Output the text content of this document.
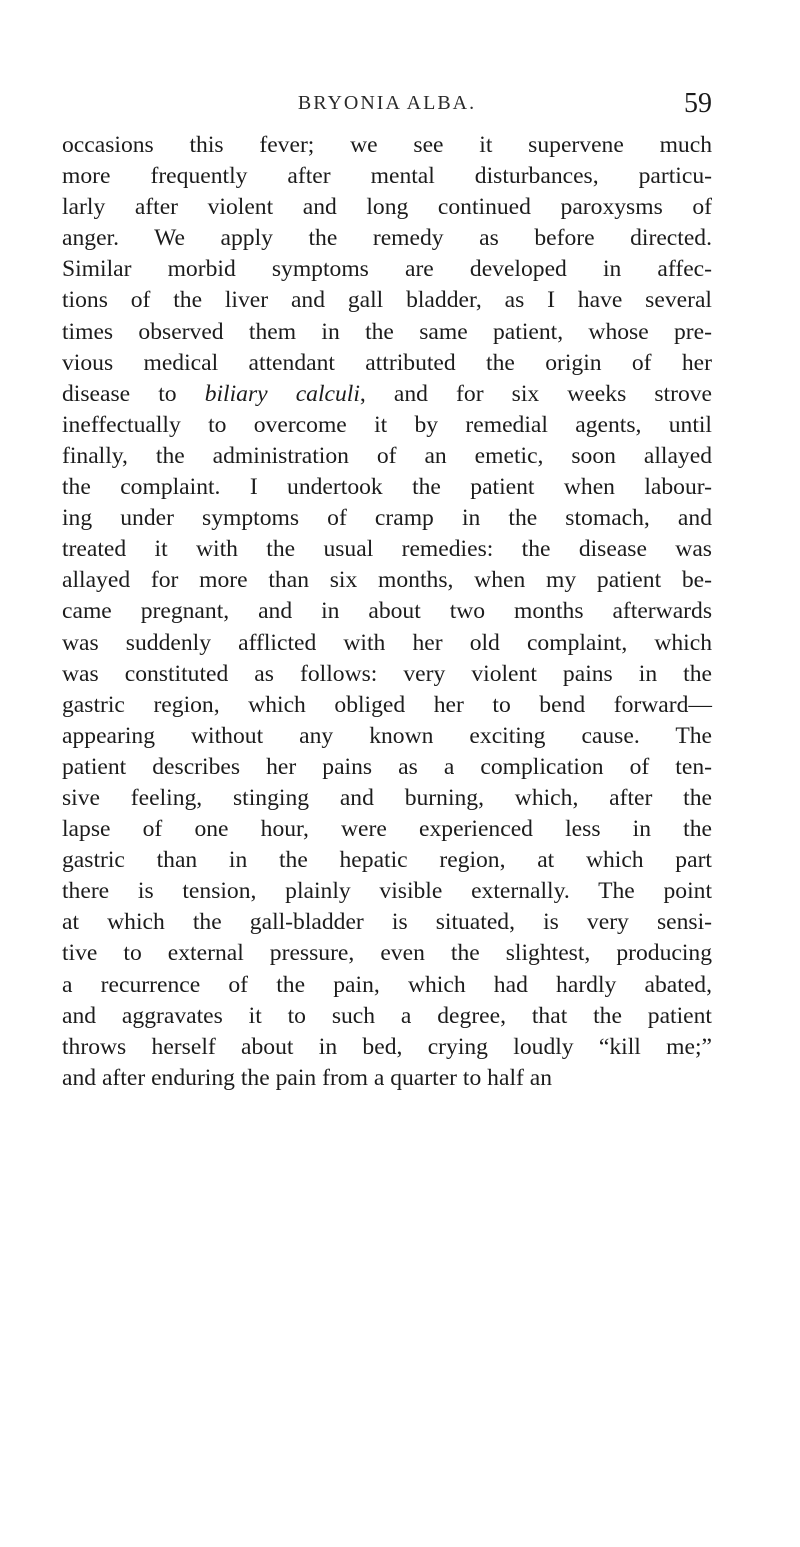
BRYONIA ALBA.	59
occasions this fever; we see it supervene much
more frequently after mental disturbances, particu-
larly after violent and long continued paroxysms of
anger. We apply the remedy as before directed.
Similar morbid symptoms are developed in affec-
tions of the liver and gall bladder, as I have several
times observed them in the same patient, whose pre-
vious medical attendant attributed the origin of her
disease to biliary calculi, and for six weeks strove
ineffectually to overcome it by remedial agents, until
finally, the administration of an emetic, soon allayed
the complaint. I undertook the patient when labour-
ing under symptoms of cramp in the stomach, and
treated it with the usual remedies: the disease was
allayed for more than six months, when my patient be-
came pregnant, and in about two months afterwards
was suddenly afflicted with her old complaint, which
was constituted as follows: very violent pains in the
gastric region, which obliged her to bend forward—
appearing without any known exciting cause. The
patient describes her pains as a complication of ten-
sive feeling, stinging and burning, which, after the
lapse of one hour, were experienced less in the
gastric than in the hepatic region, at which part
there is tension, plainly visible externally. The point
at which the gall-bladder is situated, is very sensi-
tive to external pressure, even the slightest, producing
a recurrence of the pain, which had hardly abated,
and aggravates it to such a degree, that the patient
throws herself about in bed, crying loudly “kill me;”
and after enduring the pain from a quarter to half an
